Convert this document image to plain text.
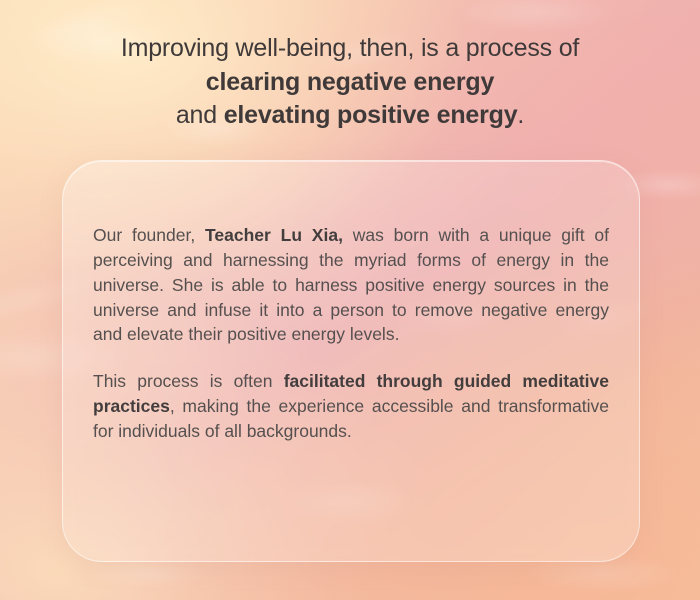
Improving well-being, then, is a process of
clearing negative energy
and elevating positive energy.

Our founder, Teacher Lu Xia, was born with a unique gift of perceiving and harnessing the myriad forms of energy in the universe. She is able to harness positive energy sources in the universe and infuse it into a person to remove negative energy and elevate their positive energy levels.

This process is often facilitated through guided meditative practices, making the experience accessible and transformative for individuals of all backgrounds.
